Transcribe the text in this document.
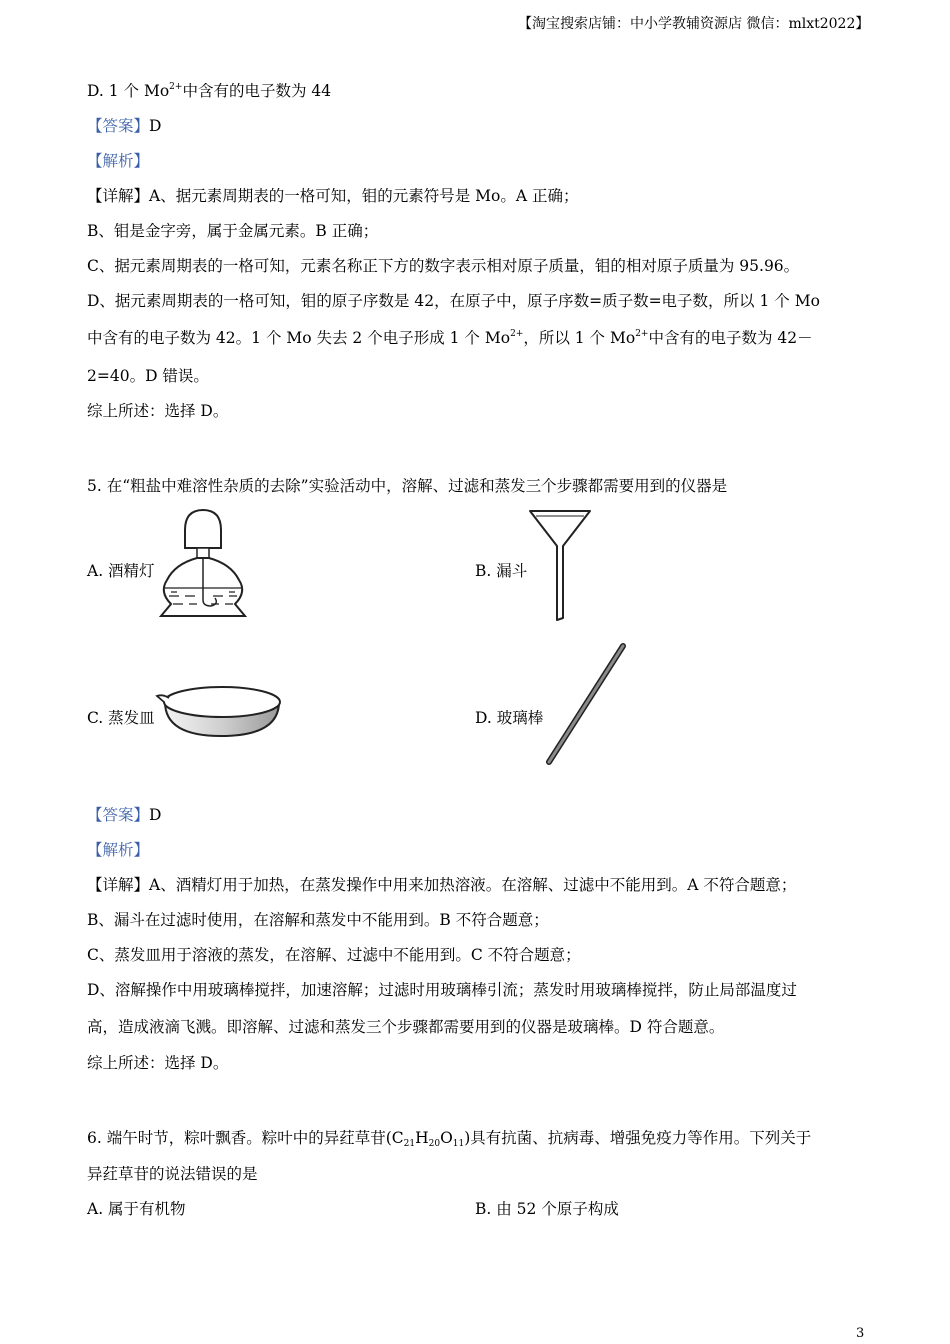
【淘宝搜索店铺：中小学教辅资源店 微信：mlxt2022】
D. 1 个 $Mo^{2+}$中含有的电子数为 44
【答案】D
【解析】
【详解】A、据元素周期表的一格可知，钼的元素符号是 Mo。A 正确；
B、钼是金字旁，属于金属元素。B 正确；
C、据元素周期表的一格可知，元素名称正下方的数字表示相对原子质量，钼的相对原子质量为 95.96。
D、据元素周期表的一格可知，钼的原子序数是 42，在原子中，原子序数=质子数=电子数，所以 1 个 Mo
中含有的电子数为 42。1 个 Mo 失去 2 个电子形成 1 个 $Mo^{2+}$，所以 1 个 $Mo^{2+}$中含有的电子数为 42－
2=40。D 错误。
综上所述：选择 D。
5. 在“粗盐中难溶性杂质的去除”实验活动中，溶解、过滤和蒸发三个步骤都需要用到的仪器是
A. 酒精灯	B. 漏斗
C. 蒸发皿	D. 玻璃棒
【答案】D
【解析】
【详解】A、酒精灯用于加热，在蒸发操作中用来加热溶液。在溶解、过滤中不能用到。A 不符合题意；
B、漏斗在过滤时使用，在溶解和蒸发中不能用到。B 不符合题意；
C、蒸发皿用于溶液的蒸发，在溶解、过滤中不能用到。C 不符合题意；
D、溶解操作中用玻璃棒搅拌，加速溶解；过滤时用玻璃棒引流；蒸发时用玻璃棒搅拌，防止局部温度过
高，造成液滴飞溅。即溶解、过滤和蒸发三个步骤都需要用到的仪器是玻璃棒。D 符合题意。
综上所述：选择 D。
6. 端午时节，粽叶飘香。粽叶中的异荭草苷$(C_{21}H_{20}O_{11})$具有抗菌、抗病毒、增强免疫力等作用。下列关于
异荭草苷的说法错误的是
A. 属于有机物	B. 由 52 个原子构成
3
